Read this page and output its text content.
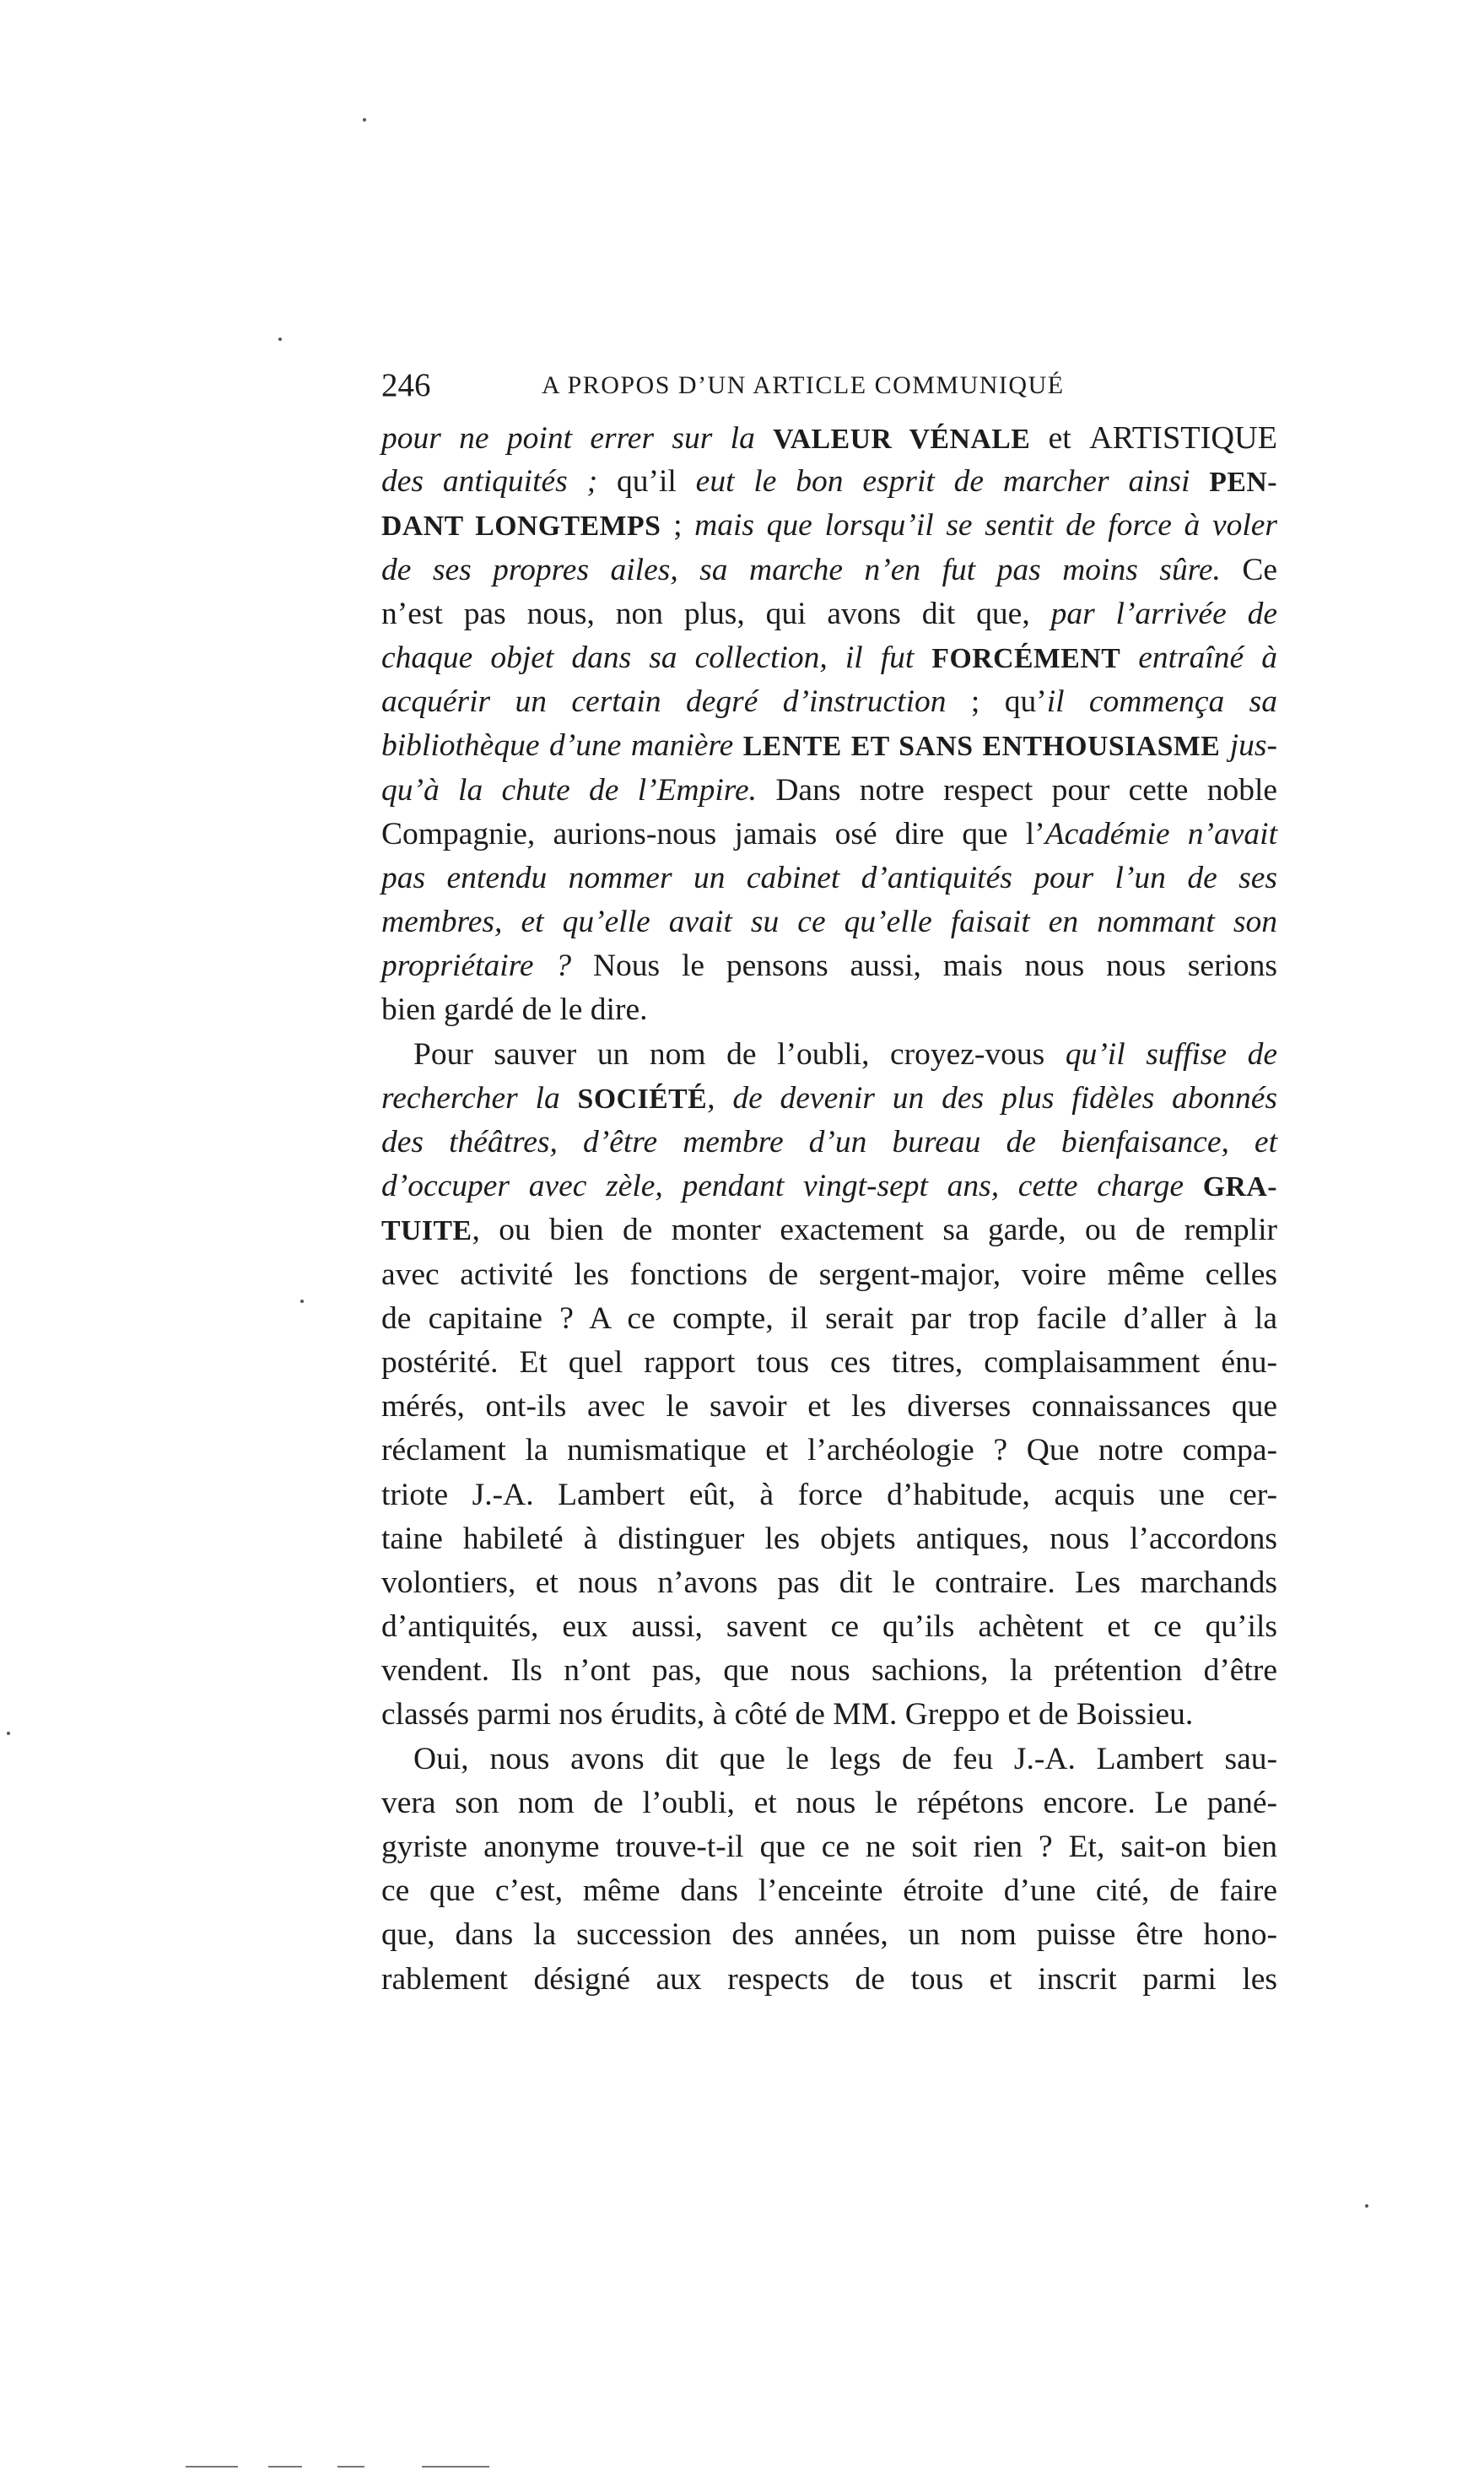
246	A PROPOS D’UN ARTICLE COMMUNIQUÉ
pour ne point errer sur la VALEUR VÉNALE et ARTISTIQUE
des antiquités ; qu’il eut le bon esprit de marcher ainsi PEN-
DANT LONGTEMPS ; mais que lorsqu’il se sentit de force à voler
de ses propres ailes, sa marche n’en fut pas moins sûre. Ce
n’est pas nous, non plus, qui avons dit que, par l’arrivée de
chaque objet dans sa collection, il fut FORCÉMENT entraîné à
acquérir un certain degré d’instruction ; qu’il commença sa
bibliothèque d’une manière LENTE ET SANS ENTHOUSIASME jus-
qu’à la chute de l’Empire. Dans notre respect pour cette noble
Compagnie, aurions-nous jamais osé dire que l’Académie n’avait
pas entendu nommer un cabinet d’antiquités pour l’un de ses
membres, et qu’elle avait su ce qu’elle faisait en nommant son
propriétaire ? Nous le pensons aussi, mais nous nous serions
bien gardé de le dire.
Pour sauver un nom de l’oubli, croyez-vous qu’il suffise de
rechercher la SOCIÉTÉ, de devenir un des plus fidèles abonnés
des théâtres, d’être membre d’un bureau de bienfaisance, et
d’occuper avec zèle, pendant vingt-sept ans, cette charge GRA-
TUITE, ou bien de monter exactement sa garde, ou de remplir
avec activité les fonctions de sergent-major, voire même celles
de capitaine ? A ce compte, il serait par trop facile d’aller à la
postérité. Et quel rapport tous ces titres, complaisamment énu-
mérés, ont-ils avec le savoir et les diverses connaissances que
réclament la numismatique et l’archéologie ? Que notre compa-
triote J.-A. Lambert eût, à force d’habitude, acquis une cer-
taine habileté à distinguer les objets antiques, nous l’accordons
volontiers, et nous n’avons pas dit le contraire. Les marchands
d’antiquités, eux aussi, savent ce qu’ils achètent et ce qu’ils
vendent. Ils n’ont pas, que nous sachions, la prétention d’être
classés parmi nos érudits, à côté de MM. Greppo et de Boissieu.
Oui, nous avons dit que le legs de feu J.-A. Lambert sau-
vera son nom de l’oubli, et nous le répétons encore. Le pané-
gyriste anonyme trouve-t-il que ce ne soit rien ? Et, sait-on bien
ce que c’est, même dans l’enceinte étroite d’une cité, de faire
que, dans la succession des années, un nom puisse être hono-
rablement désigné aux respects de tous et inscrit parmi les
